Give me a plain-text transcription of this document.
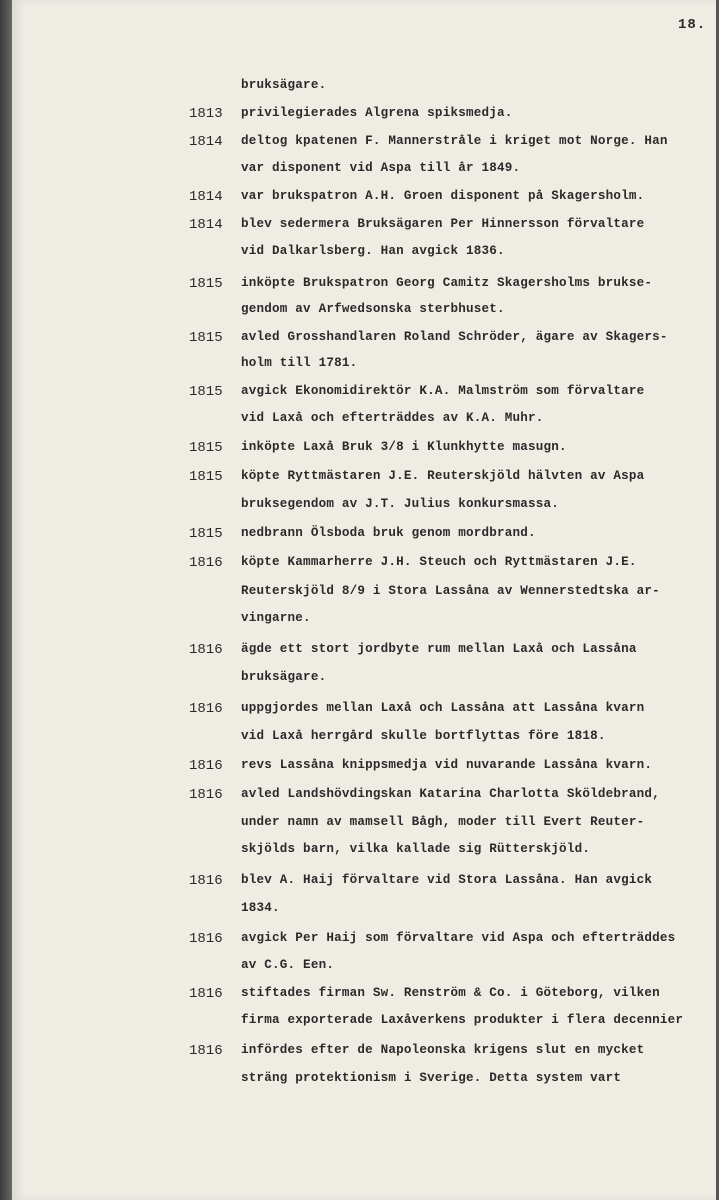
18.
bruksägare.
1813	privilegierades Algrena spiksmedja.
1814	deltog kpatenen F. Mannerstråle i kriget mot Norge. Han
var disponent vid Aspa till år 1849.
1814	var brukspatron A.H. Groen disponent på Skagersholm.
1814	blev sedermera Bruksägaren Per Hinnersson förvaltare
vid Dalkarlsberg. Han avgick 1836.
1815	inköpte Brukspatron Georg Camitz Skagersholms brukse-
gendom av Arfwedsonska sterbhuset.
1815	avled Grosshandlaren Roland Schröder, ägare av Skagers-
holm till 1781.
1815	avgick Ekonomidirektör K.A. Malmström som förvaltare
vid Laxå och efterträddes av K.A. Muhr.
1815	inköpte Laxå Bruk 3/8 i Klunkhytte masugn.
1815	köpte Ryttmästaren J.E. Reuterskjöld hälvten av Aspa
bruksegendom av J.T. Julius konkursmassa.
1815	nedbrann Ölsboda bruk genom mordbrand.
1816	köpte Kammarherre J.H. Steuch och Ryttmästaren J.E.
Reuterskjöld 8/9 i Stora Lassåna av Wennerstedtska ar-
vingarne.
1816	ägde ett stort jordbyte rum mellan Laxå och Lassåna
bruksägare.
1816	uppgjordes mellan Laxå och Lassåna att Lassåna kvarn
vid Laxå herrgård skulle bortflyttas före 1818.
1816	revs Lassåna knippsmedja vid nuvarande Lassåna kvarn.
1816	avled Landshövdingskan Katarina Charlotta Sköldebrand,
under namn av mamsell Bågh, moder till Evert Reuter-
skjölds barn, vilka kallade sig Rütterskjöld.
1816	blev A. Haij förvaltare vid Stora Lassåna. Han avgick
1834.
1816	avgick Per Haij som förvaltare vid Aspa och efterträddes
av C.G. Een.
1816	stiftades firman Sw. Renström & Co. i Göteborg, vilken
firma exporterade Laxåverkens produkter i flera decennier
1816	infördes efter de Napoleonska krigens slut en mycket
sträng protektionism i Sverige. Detta system vart
